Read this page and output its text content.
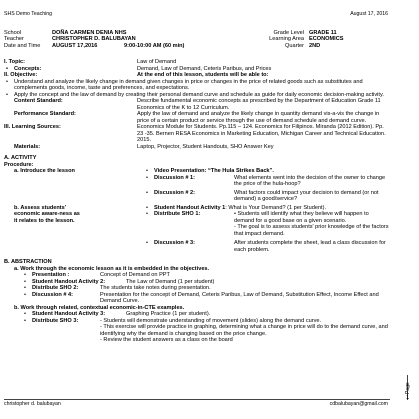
SHS Demo Teaching	August 17, 2016
School	DOÑA CARMEN DENIA NHS	Grade Level GRADE 11
Teacher	CHRISTOPHER D. BALUBAYAN	Learning Area ECONOMICS
Date and Time AUGUST 17,2016	9:00-10:00 AM (60 min)	Quarter 2ND
I. Topic:	Law of Demand
Concepts:	Demand, Law of Demand, Ceteris Paribus, and Prices
II. Objective:	At the end of this lesson, students will be able to:
• Understand and analyze the likely change in demand given changes in price or changes in the price of related goods such as substitutes and complements goods, income, taste and preferences, and expectations.
• Apply the concept and the law of demand by creating their personal demand curve and schedule as guide for daily economic decision-making activity.
Content Standard:	Describe fundamental economic concepts as prescribed by the Department of Education Grade 11 Economics of the K to 12 Curriculum.
Performance Standard:	Apply the law of demand and analyze the likely change in quantity demand vis-a-vis the change in price of a certain product or service through the use of demand schedule and demand curve.
III. Learning Sources:	Economics Module for Students. Pp.115 – 124. Economics for Filipinos. Miranda (2012 Edition). Pp. 23 -35. Bernen RESA Economics in Marketing Education, Michigan Career and Technical Education. 2015.
Materials:	Laptop, Projector, Student Handouts, SHO Answer Key
A. ACTIVITY
Procedure:
a. Introduce the lesson	• Video Presentation: “The Hula Strikes Back”.
• Discussion # 1:	What elements went into the decision of the owner to change the price of the hula-hoop?
• Discussion # 2:	What factors could impact your decision to demand (or not demand) a good/service?
b. Assess students' economic aware-ness as it relates to the lesson.
• Student Handout Activity 1: What is Your Demand? (1 per Student).
• Distribute SHO 1:	• Students will identify what they believe will happen to demand for a good base on a given scenario.
- The goal is to assess students' prior knowledge of the factors that impact demand.
• Discussion # 3:	After students complete the sheet, lead a class discussion for each problem.
B. ABSTRACTION
a. Work through the economic lesson as it is embedded in the objectives.
• Presentation :	Concept of Demand on PPT
• Student Handout Activity 2:	The Law of Demand (1 per student)
• Distribute SHO 2:	The students take notes during presentation.
• Discussion # 4:	Presentation for the concept of Demand, Ceteris Paribus, Law of Demand, Substitution Effect, Income Effect and Demand Curve.
b. Work through related, contextual economic-in-CTE examples.
• Student Handout Activity 3:	Graphing Practice (1 per student).
• Distribute SHO 3:	- Students will demonstrate understanding of movement (slides) along the demand curve.
- This exercise will provide practice in graphing, determining what a change in price will do to the demand curve, and identifying why the demand is changing based on the price change.
- Review the student answers as a class on the board
christopher d. balubayan	cdbalubayan@gmail.com
Page
1
